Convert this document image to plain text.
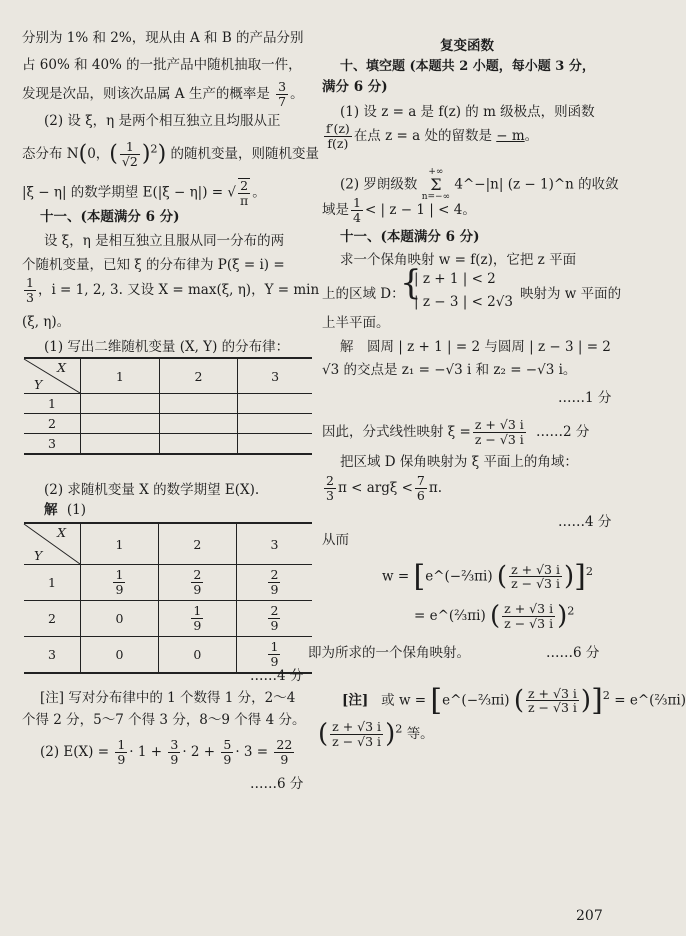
分别为 1% 和 2%，现从由 A 和 B 的产品分别
占 60% 和 40% 的一批产品中随机抽取一件，
发现是次品，则该次品属 A 生产的概率是 $\frac{3}{7}$ 。
(2) 设 ξ，η 是两个相互独立且均服从正
态分布 N(0，( $\frac{1}{√2} )^2$) 的随机变量，则随机变量
|ξ − η| 的数学期望 E(|ξ − η|) = √ $\frac{2}{\pi}$ 。
十一、(本题满分 6 分)
设 ξ，η 是相互独立且服从同一分布的两
个随机变量，已知 ξ 的分布律为 P(ξ = i) =
$\frac{1}{3}$ ，i = 1, 2, 3. 又设 X = max(ξ, η)，Y = min
(ξ, η)。
(1) 写出二维随机变量 (X, Y) 的分布律：
X
Y	1	2	3
1			
2			
3			
(2) 求随机变量 X 的数学期望 E(X).
解 (1)
X
Y	1	2	3
1	$\frac{1}{9}$	$\frac{2}{9}$	$\frac{2}{9}$

2	0	$\frac{1}{9}$	$\frac{2}{9}$

3	0	0	$\frac{1}{9}$
……4 分
[注] 写对分布律中的 1 个数得 1 分，2～4
个得 2 分，5～7 个得 3 分，8～9 个得 4 分。
(2) $E(X) = \frac{1}{9} \cdot 1 + \frac{3}{9} \cdot 2 + \frac{5}{9} \cdot 3 = \frac{22}{9}$
……6 分
复变函数
十、填空题 (本题共 2 小题，每小题 3 分，
满分 6 分)
(1) 设 z = a 是 f(z) 的 m 级极点，则函数
$\frac{f'(z)}{f(z)}$ 在点 z = a 处的留数是 − m。
(2) 罗朗级数
+∞
Σ
n=−∞
4^−|n| (z − 1)^n 的收敛
域是 $\frac{1}{4}$ < | z − 1 | < 4。
十一、(本题满分 6 分)
求一个保角映射 w = f(z)，它把 z 平面
上的区域 D：
{
| z + 1 | < 2
| z − 3 | < 2√3 映射为 w 平面的
上半平面。
解　圆周 | z + 1 | = 2 与圆周 | z − 3 | = 2
√3 的交点是 z₁ = −√3 i 和 z₂ = −√3 i。
……1 分
因此，分式线性映射 $\xi = \frac{z + √3 i}{z - √3 i}$ ……2 分
把区域 D 保角映射为 ξ 平面上的角域：
$\frac{2}{3}$ $\pi < arg\xi < \frac{7}{6} \pi$.
……4 分
从而
w = [e^(−⅔πi) ( $\frac{z + √3 i}{z - √3 i} )]^2$
= e^(⅔πi) ( $\frac{z + √3 i}{z - √3 i} )^2$
即为所求的一个保角映射。	……6 分
[注] 或 w = [e^(−⅔πi) ( $\frac{z + √3 i}{z - √3 i} )]^2$ = e^(⅔πi)
( $\frac{z + √3 i}{z - √3 i} )^2$ 等。
207
